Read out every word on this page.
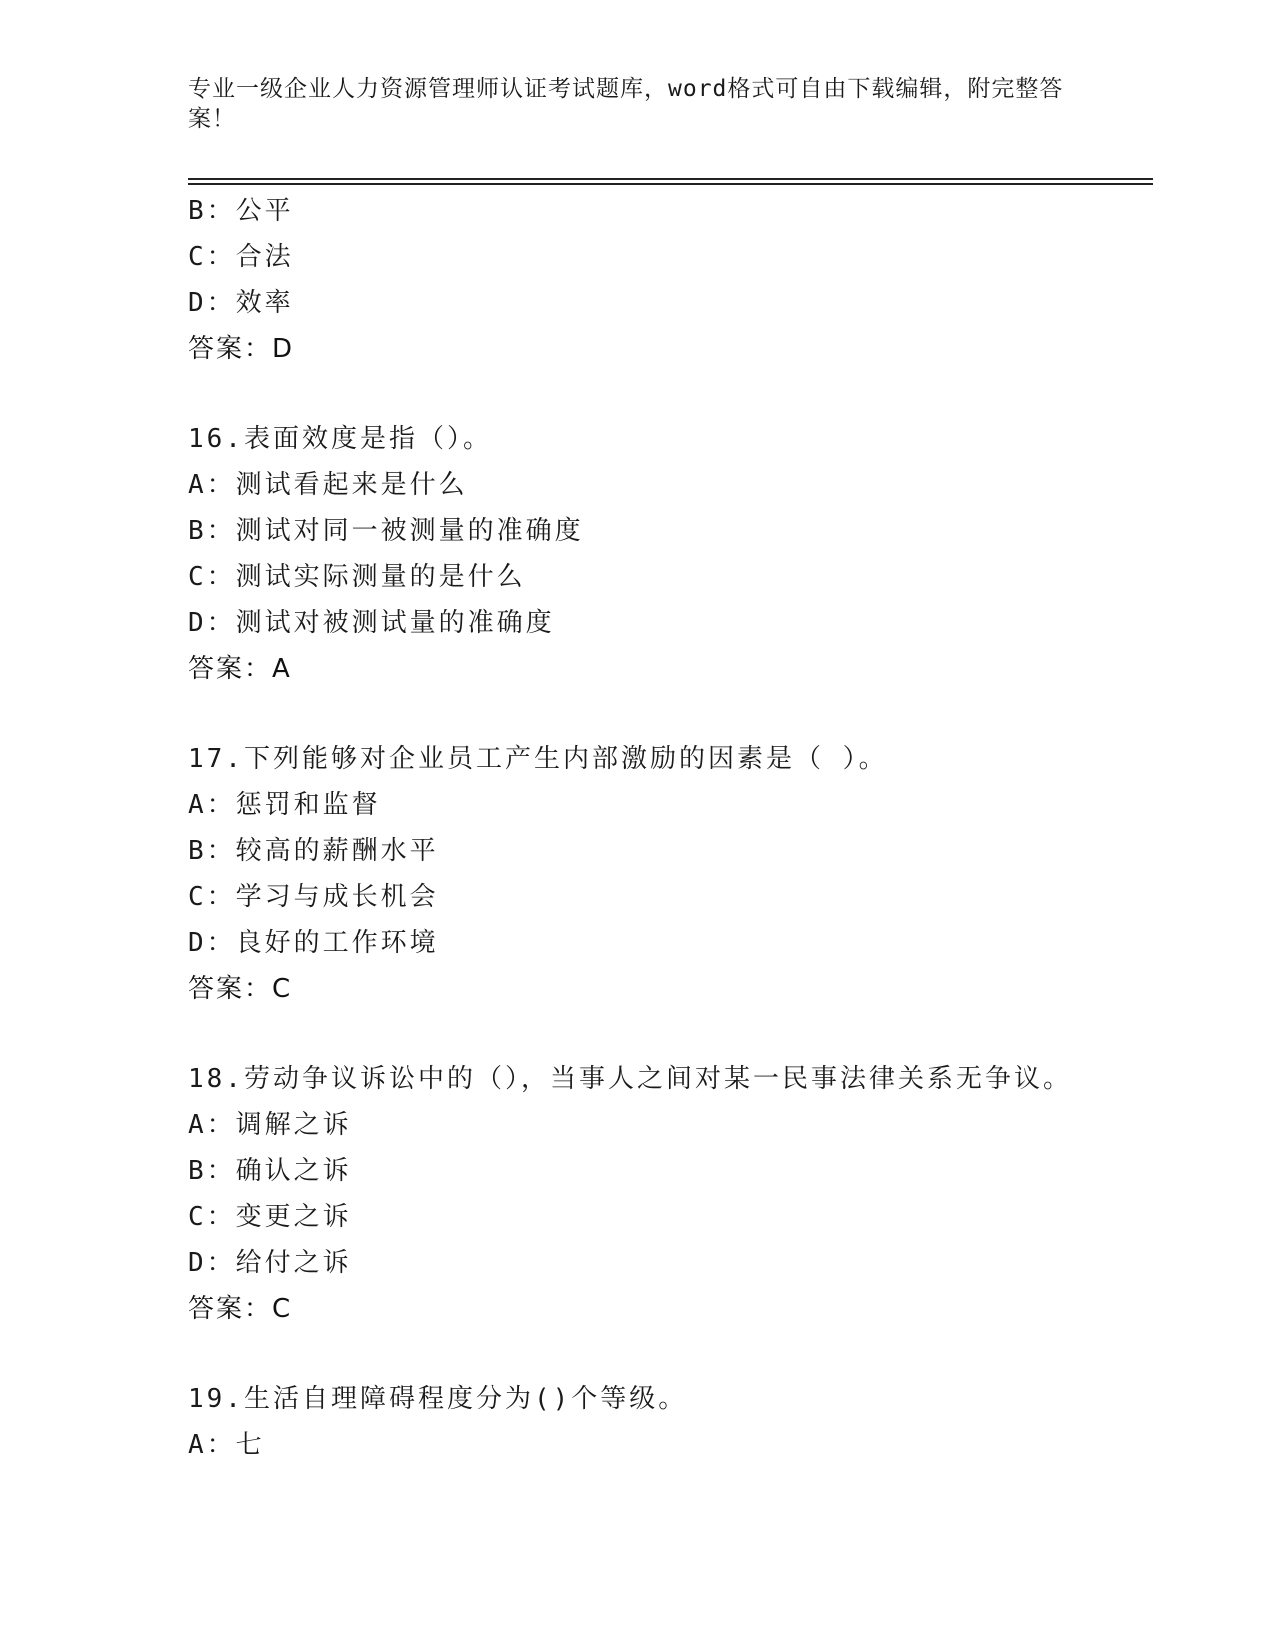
专业一级企业人力资源管理师认证考试题库，word格式可自由下载编辑，附完整答案！
B：公平
C：合法
D：效率
答案：D
16.表面效度是指（）。
A：测试看起来是什么
B：测试对同一被测量的准确度
C：测试实际测量的是什么
D：测试对被测试量的准确度
答案：A
17.下列能够对企业员工产生内部激励的因素是（ ）。
A：惩罚和监督
B：较高的薪酬水平
C：学习与成长机会
D：良好的工作环境
答案：C
18.劳动争议诉讼中的（），当事人之间对某一民事法律关系无争议。
A：调解之诉
B：确认之诉
C：变更之诉
D：给付之诉
答案：C
19.生活自理障碍程度分为()个等级。
A：七
